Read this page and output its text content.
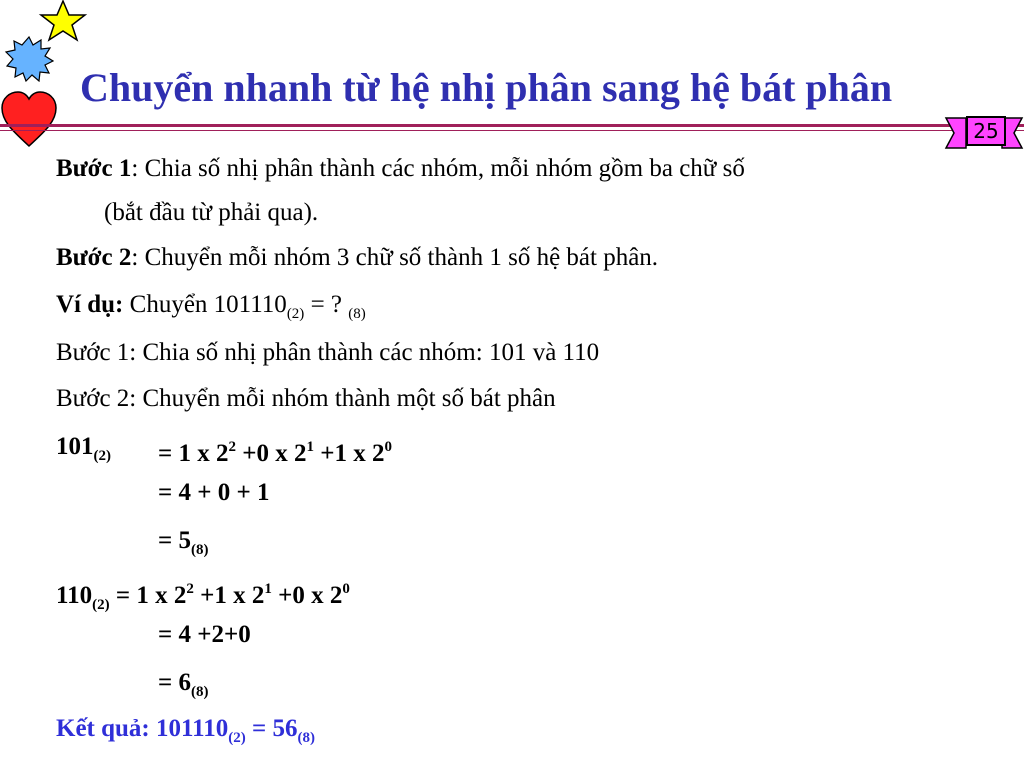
Chuyển nhanh từ hệ nhị phân sang hệ bát phân
25
Bước 1: Chia số nhị phân thành các nhóm, mỗi nhóm gồm ba chữ số
(bắt đầu từ phải qua).
Bước 2: Chuyển mỗi nhóm 3 chữ số thành 1 số hệ bát phân.
Ví dụ: Chuyển $101110_{(2)}$ = ? $_{(8)}$
Bước 1: Chia số nhị phân thành các nhóm: 101 và 110
Bước 2: Chuyển mỗi nhóm thành một số bát phân
$101_{(2)} = 1$ x $2^2 +0$ x $2^1 +1$ x $2^0$
= 4 + 0 + 1
= $5_{(8)}$
$110_{(2)} = 1$ x $2^2 +1$ x $2^1 +0$ x $2^0$
= 4 +2+0
= $6_{(8)}$
Kết quả: $101110_{(2)} = 56_{(8)}$
